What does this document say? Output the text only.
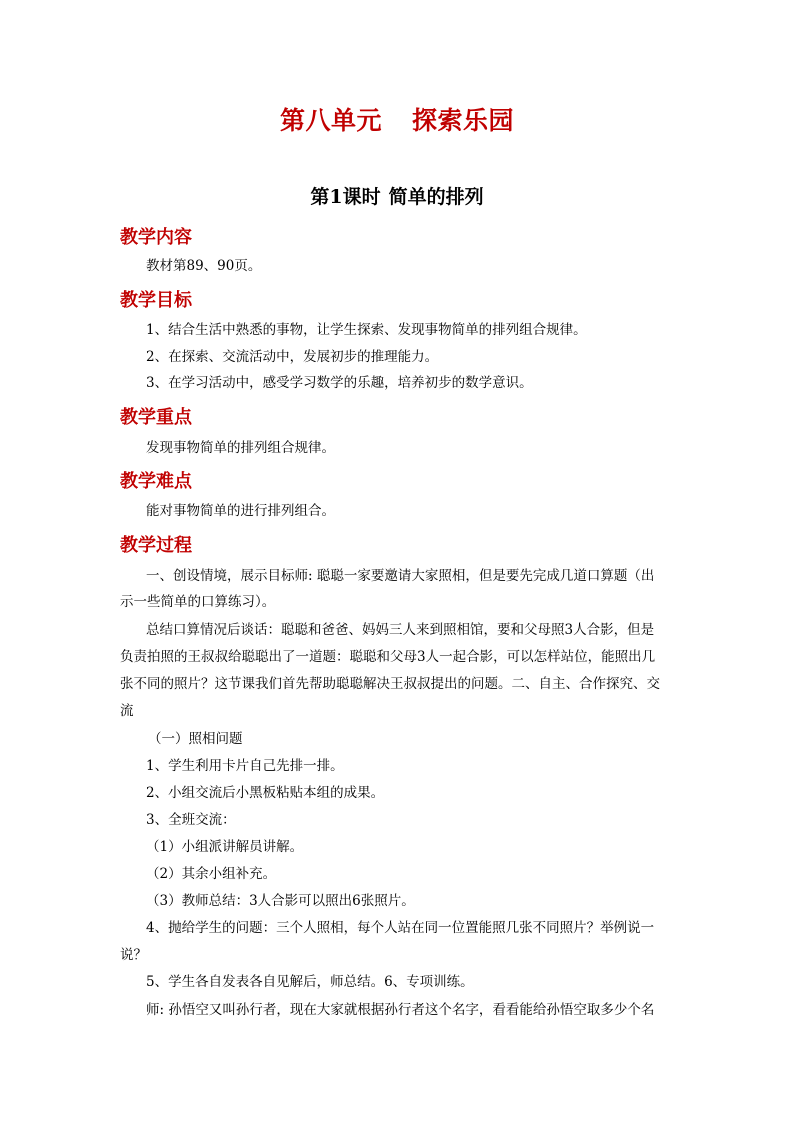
第八单元 探索乐园
第1课时 简单的排列
教学内容
教材第89、90页。
教学目标
1、结合生活中熟悉的事物，让学生探索、发现事物简单的排列组合规律。
2、在探索、交流活动中，发展初步的推理能力。
3、在学习活动中，感受学习数学的乐趣，培养初步的数学意识。
教学重点
发现事物简单的排列组合规律。
教学难点
能对事物简单的进行排列组合。
教学过程
一、创设情境，展示目标师: 聪聪一家要邀请大家照相，但是要先完成几道口算题（出
示一些简单的口算练习）。
总结口算情况后谈话：聪聪和爸爸、妈妈三人来到照相馆，要和父母照3人合影，但是
负责拍照的王叔叔给聪聪出了一道题：聪聪和父母3人一起合影，可以怎样站位，能照出几
张不同的照片？这节课我们首先帮助聪聪解决王叔叔提出的问题。二、自主、合作探究、交
流
（一）照相问题
1、学生利用卡片自己先排一排。
2、小组交流后小黑板粘贴本组的成果。
3、全班交流：
（1）小组派讲解员讲解。
（2）其余小组补充。
（3）教师总结：3人合影可以照出6张照片。
4、抛给学生的问题：三个人照相，每个人站在同一位置能照几张不同照片？举例说一
说？
5、学生各自发表各自见解后，师总结。6、专项训练。
师: 孙悟空又叫孙行者，现在大家就根据孙行者这个名字，看看能给孙悟空取多少个名
